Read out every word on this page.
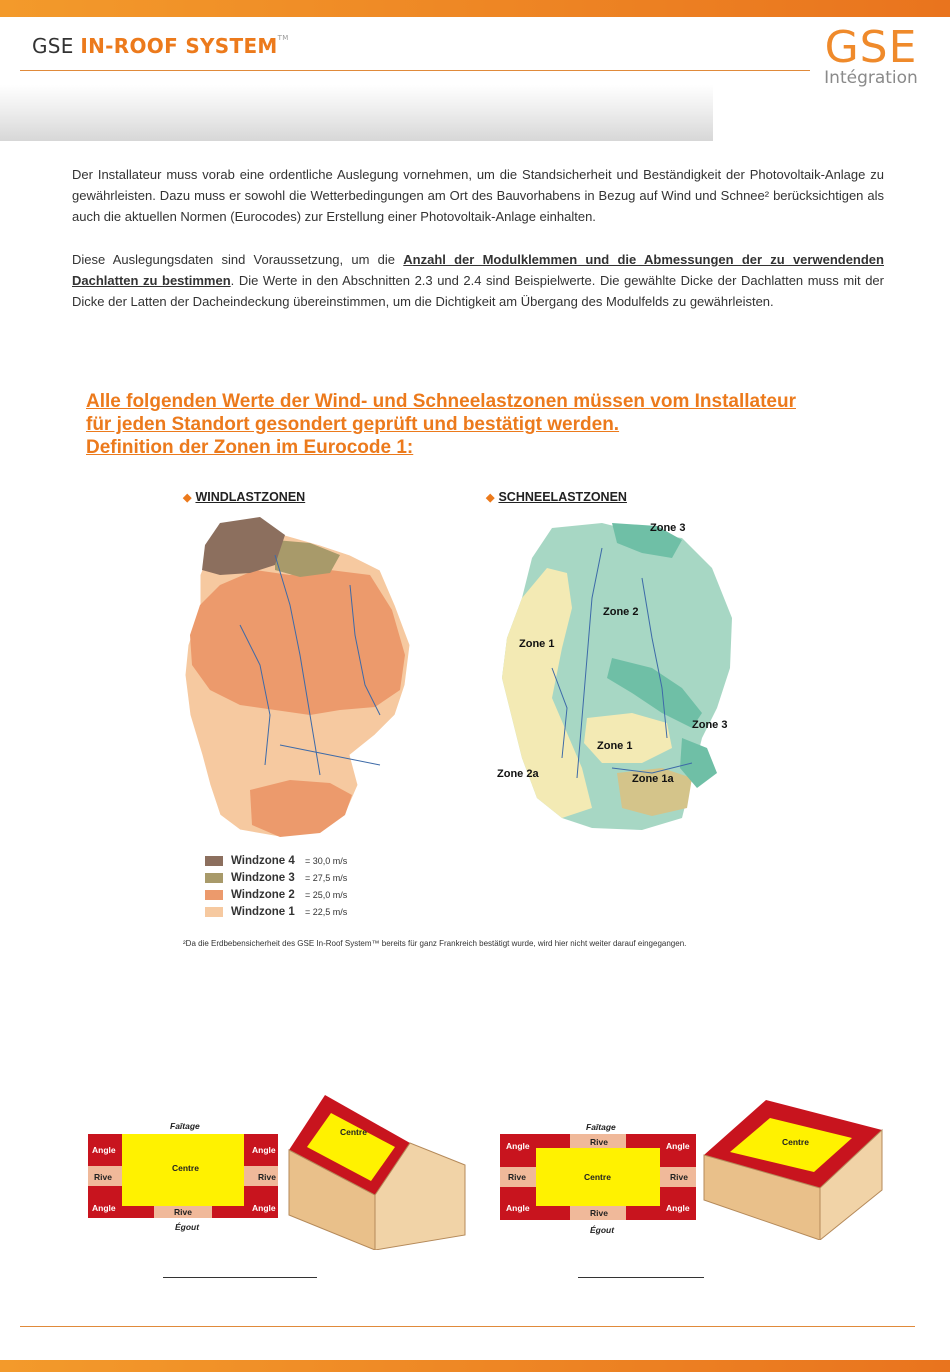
GSE IN-ROOF SYSTEM™	GSE
Intégration

Der Installateur muss vorab eine ordentliche Auslegung vornehmen, um die Standsicherheit und Beständigkeit der Photovoltaik-Anlage zu gewährleisten. Dazu muss er sowohl die Wetterbedingungen am Ort des Bauvorhabens in Bezug auf Wind und Schnee² berücksichtigen als auch die aktuellen Normen (Eurocodes) zur Erstellung einer Photovoltaik-Anlage einhalten.

Diese Auslegungsdaten sind Voraussetzung, um die Anzahl der Modulklemmen und die Abmessungen der zu verwendenden Dachlatten zu bestimmen. Die Werte in den Abschnitten 2.3 und 2.4 sind Beispielwerte. Die gewählte Dicke der Dachlatten muss mit der Dicke der Latten der Dacheindeckung übereinstimmen, um die Dichtigkeit am Übergang des Modulfelds zu gewährleisten.

Alle folgenden Werte der Wind- und Schneelastzonen müssen vom Installateur
für jeden Standort gesondert geprüft und bestätigt werden.
Definition der Zonen im Eurocode 1:
◆ WINDLASTZONEN	◆ SCHNEELASTZONEN
Zone 3
Zone 2
Zone 1
Zone 3
Zone 1
Zone 2a	Zone 1a
Windzone 4	= 30,0 m/s
Windzone 3	= 27,5 m/s
Windzone 2	= 25,0 m/s
Windzone 1	= 22,5 m/s
²Da die Erdbebensicherheit des GSE In-Roof System™ bereits für ganz Frankreich bestätigt wurde, wird hier nicht weiter darauf eingegangen.
Faîtage
Angle	Angle
Rive	Rive
Centre
Angle	Rive	Angle
Égout
Centre	Faîtage
Angle	Rive	Angle
Rive	Centre	Rive
Angle	Rive	Angle
Égout
Centre
